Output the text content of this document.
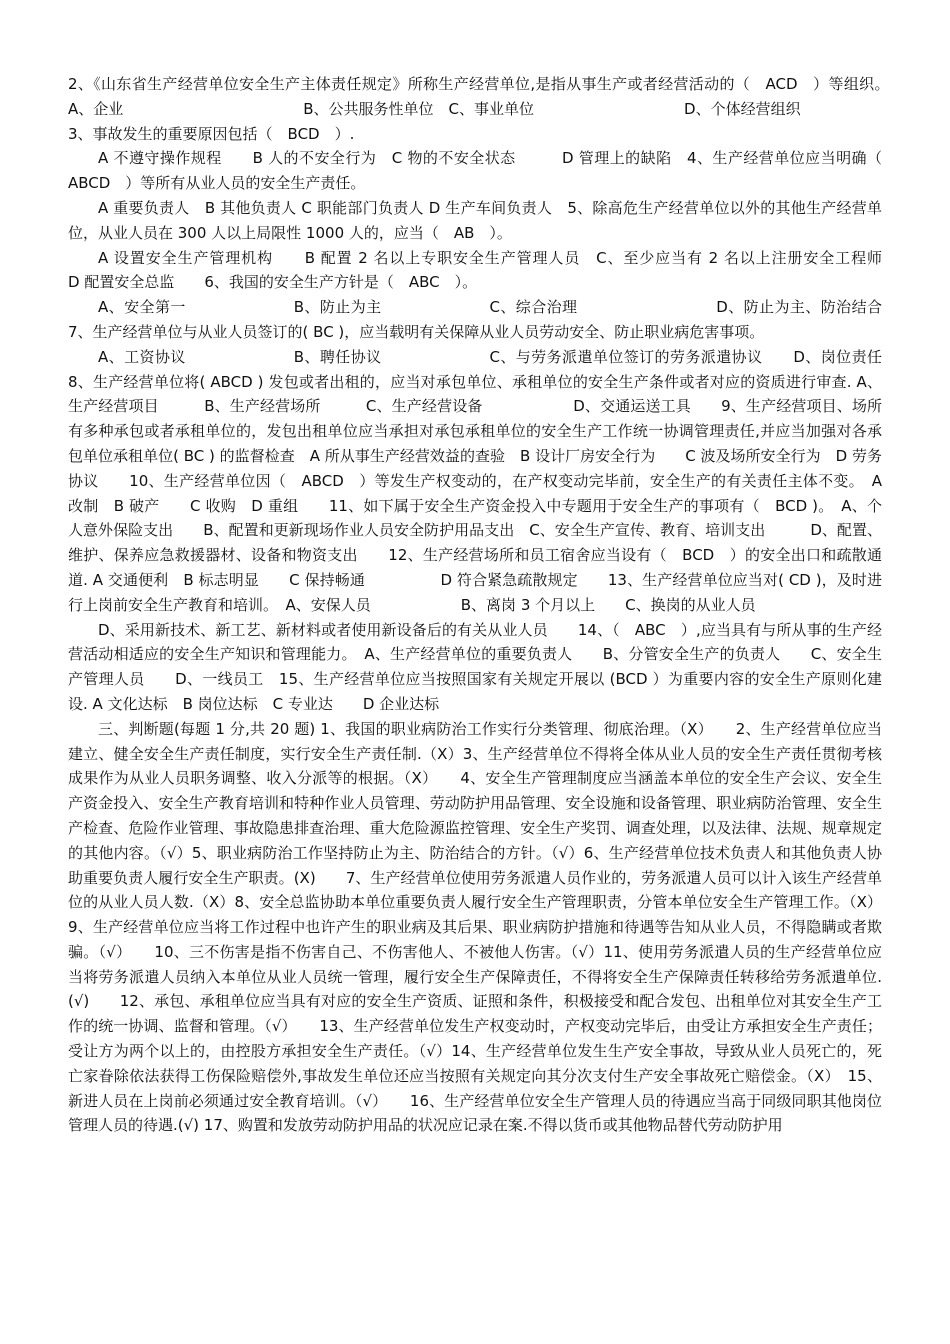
2、《山东省生产经营单位安全生产主体责任规定》所称生产经营单位,是指从事生产或者经营活动的（　ACD　）等组织。　　A、企业　　　　　　　　　　　　B、公共服务性单位　C、事业单位　　　　　　　　　　D、个体经营组织

3、事故发生的重要原因包括（　BCD　）.

A 不遵守操作规程　　B 人的不安全行为　C 物的不安全状态　　　D 管理上的缺陷　4、生产经营单位应当明确（　ABCD　）等所有从业人员的安全生产责任。

A 重要负责人　B 其他负责人 C 职能部门负责人 D 生产车间负责人　5、除高危生产经营单位以外的其他生产经营单位，从业人员在 300 人以上局限性 1000 人的，应当（　AB　）。

A 设置安全生产管理机构　　B 配置 2 名以上专职安全生产管理人员　C、至少应当有 2 名以上注册安全工程师　　　　D 配置安全总监　　6、我国的安全生产方针是（　ABC　）。

A、安全第一　　　　　　　B、防止为主　　　　　　　C、综合治理　　　　　　　　　D、防止为主、防治结合　　7、生产经营单位与从业人员签订的( BC )，应当载明有关保障从业人员劳动安全、防止职业病危害事项。

A、工资协议　　　　　　　B、聘任协议　　　　　　　C、与劳务派遣单位签订的劳务派遣协议　　D、岗位责任　　8、生产经营单位将( ABCD ) 发包或者出租的，应当对承包单位、承租单位的安全生产条件或者对应的资质进行审查. A、生产经营项目　　　B、生产经营场所　　　C、生产经营设备　　　　　　D、交通运送工具　　9、生产经营项目、场所有多种承包或者承租单位的，发包出租单位应当承担对承包承租单位的安全生产工作统一协调管理责任,并应当加强对各承包单位承租单位( BC ) 的监督检查　A 所从事生产经营效益的查验　B 设计厂房安全行为　　C 波及场所安全行为　D 劳务协议　　10、生产经营单位因（　ABCD　）等发生产权变动的，在产权变动完毕前，安全生产的有关责任主体不变。　A 改制　B 破产　　C 收购　D 重组　　11、如下属于安全生产资金投入中专题用于安全生产的事项有（　BCD )。　A、个人意外保险支出　　B、配置和更新现场作业人员安全防护用品支出　C、安全生产宣传、教育、培训支出　　　D、配置、维护、保养应急救援器材、设备和物资支出　　12、生产经营场所和员工宿舍应当设有（　BCD　）的安全出口和疏散通道. A 交通便利　B 标志明显　　C 保持畅通　　　　　D 符合紧急疏散规定　　13、生产经营单位应当对( CD )，及时进行上岗前安全生产教育和培训。　A、安保人员　　　　　　B、离岗 3 个月以上　　C、换岗的从业人员

D、采用新技术、新工艺、新材料或者使用新设备后的有关从业人员　　14、（　ABC　）,应当具有与所从事的生产经营活动相适应的安全生产知识和管理能力。　A、生产经营单位的重要负责人　　B、分管安全生产的负责人　　C、安全生产管理人员　　D、一线员工　15、生产经营单位应当按照国家有关规定开展以 (BCD ）为重要内容的安全生产原则化建设. A 文化达标　B 岗位达标　C 专业达　　D 企业达标

三、判断题(每题 1 分,共 20 题) 1、我国的职业病防治工作实行分类管理、彻底治理。（X）　　2、生产经营单位应当建立、健全安全生产责任制度，实行安全生产责任制.（X）3、生产经营单位不得将全体从业人员的安全生产责任贯彻考核成果作为从业人员职务调整、收入分派等的根据。（X）　　4、安全生产管理制度应当涵盖本单位的安全生产会议、安全生产资金投入、安全生产教育培训和特种作业人员管理、劳动防护用品管理、安全设施和设备管理、职业病防治管理、安全生产检查、危险作业管理、事故隐患排查治理、重大危险源监控管理、安全生产奖罚、调查处理，以及法律、法规、规章规定的其他内容。（√）5、职业病防治工作坚持防止为主、防治结合的方针。（√）6、生产经营单位技术负责人和其他负责人协助重要负责人履行安全生产职责。(X)　　7、生产经营单位使用劳务派遣人员作业的，劳务派遣人员可以计入该生产经营单位的从业人员人数.（X）8、安全总监协助本单位重要负责人履行安全生产管理职责，分管本单位安全生产管理工作。（X）9、生产经营单位应当将工作过程中也许产生的职业病及其后果、职业病防护措施和待遇等告知从业人员，不得隐瞒或者欺骗。（√）　　10、三不伤害是指不伤害自己、不伤害他人、不被他人伤害。（√）11、使用劳务派遣人员的生产经营单位应当将劳务派遣人员纳入本单位从业人员统一管理，履行安全生产保障责任，不得将安全生产保障责任转移给劳务派遣单位.(√)　　12、承包、承租单位应当具有对应的安全生产资质、证照和条件，积极接受和配合发包、出租单位对其安全生产工作的统一协调、监督和管理。（√）　　13、生产经营单位发生产权变动时，产权变动完毕后，由受让方承担安全生产责任；受让方为两个以上的，由控股方承担安全生产责任。（√）14、生产经营单位发生生产安全事故，导致从业人员死亡的，死亡家眷除依法获得工伤保险赔偿外,事故发生单位还应当按照有关规定向其分次支付生产安全事故死亡赔偿金。（X）　15、新进人员在上岗前必须通过安全教育培训。（√）　　16、生产经营单位安全生产管理人员的待遇应当高于同级同职其他岗位管理人员的待遇.(√) 17、购置和发放劳动防护用品的状况应记录在案.不得以货币或其他物品替代劳动防护用
